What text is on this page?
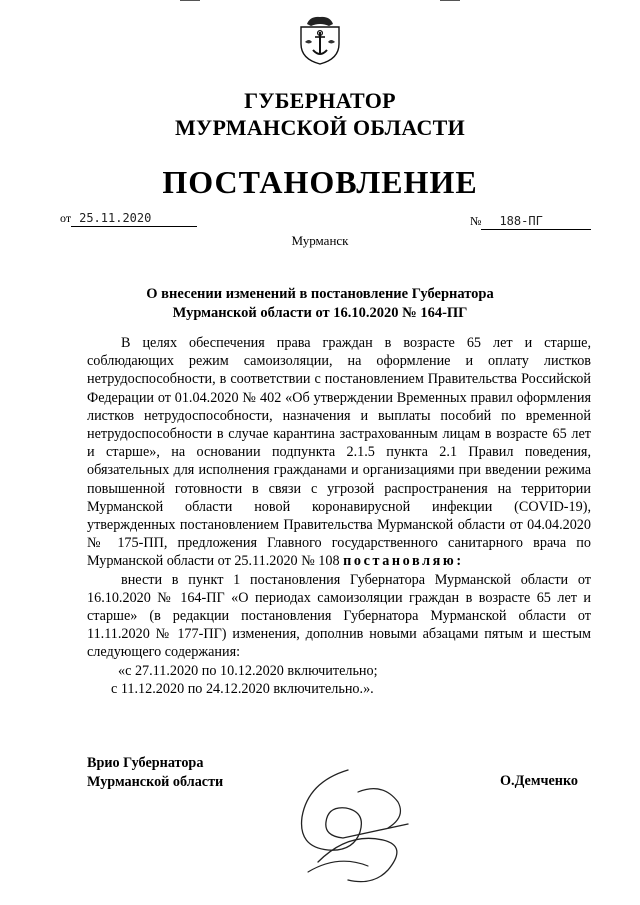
ГУБЕРНАТОР
МУРМАНСКОЙ ОБЛАСТИ
ПОСТАНОВЛЕНИЕ
от 25.11.2020	№ 188-ПГ
Мурманск
О внесении изменений в постановление Губернатора
Мурманской области от 16.10.2020 № 164-ПГ

В целях обеспечения права граждан в возрасте 65 лет и старше, соблюдающих режим самоизоляции, на оформление и оплату листков нетрудоспособности, в соответствии с постановлением Правительства Российской Федерации от 01.04.2020 № 402 «Об утверждении Временных правил оформления листков нетрудоспособности, назначения и выплаты пособий по временной нетрудоспособности в случае карантина застрахованным лицам в возрасте 65 лет и старше», на основании подпункта 2.1.5 пункта 2.1 Правил поведения, обязательных для исполнения гражданами и организациями при введении режима повышенной готовности в связи с угрозой распространения на территории Мурманской области новой коронавирусной инфекции (COVID-19), утвержденных постановлением Правительства Мурманской области от 04.04.2020 № 175-ПП, предложения Главного государственного санитарного врача по Мурманской области от 25.11.2020 № 108 постановляю:

внести в пункт 1 постановления Губернатора Мурманской области от 16.10.2020 № 164-ПГ «О периодах самоизоляции граждан в возрасте 65 лет и старше» (в редакции постановления Губернатора Мурманской области от 11.11.2020 № 177-ПГ) изменения, дополнив новыми абзацами пятым и шестым следующего содержания:

«с 27.11.2020 по 10.12.2020 включительно;
с 11.12.2020 по 24.12.2020 включительно.».
Врио Губернатора
Мурманской области	О.Демченко
